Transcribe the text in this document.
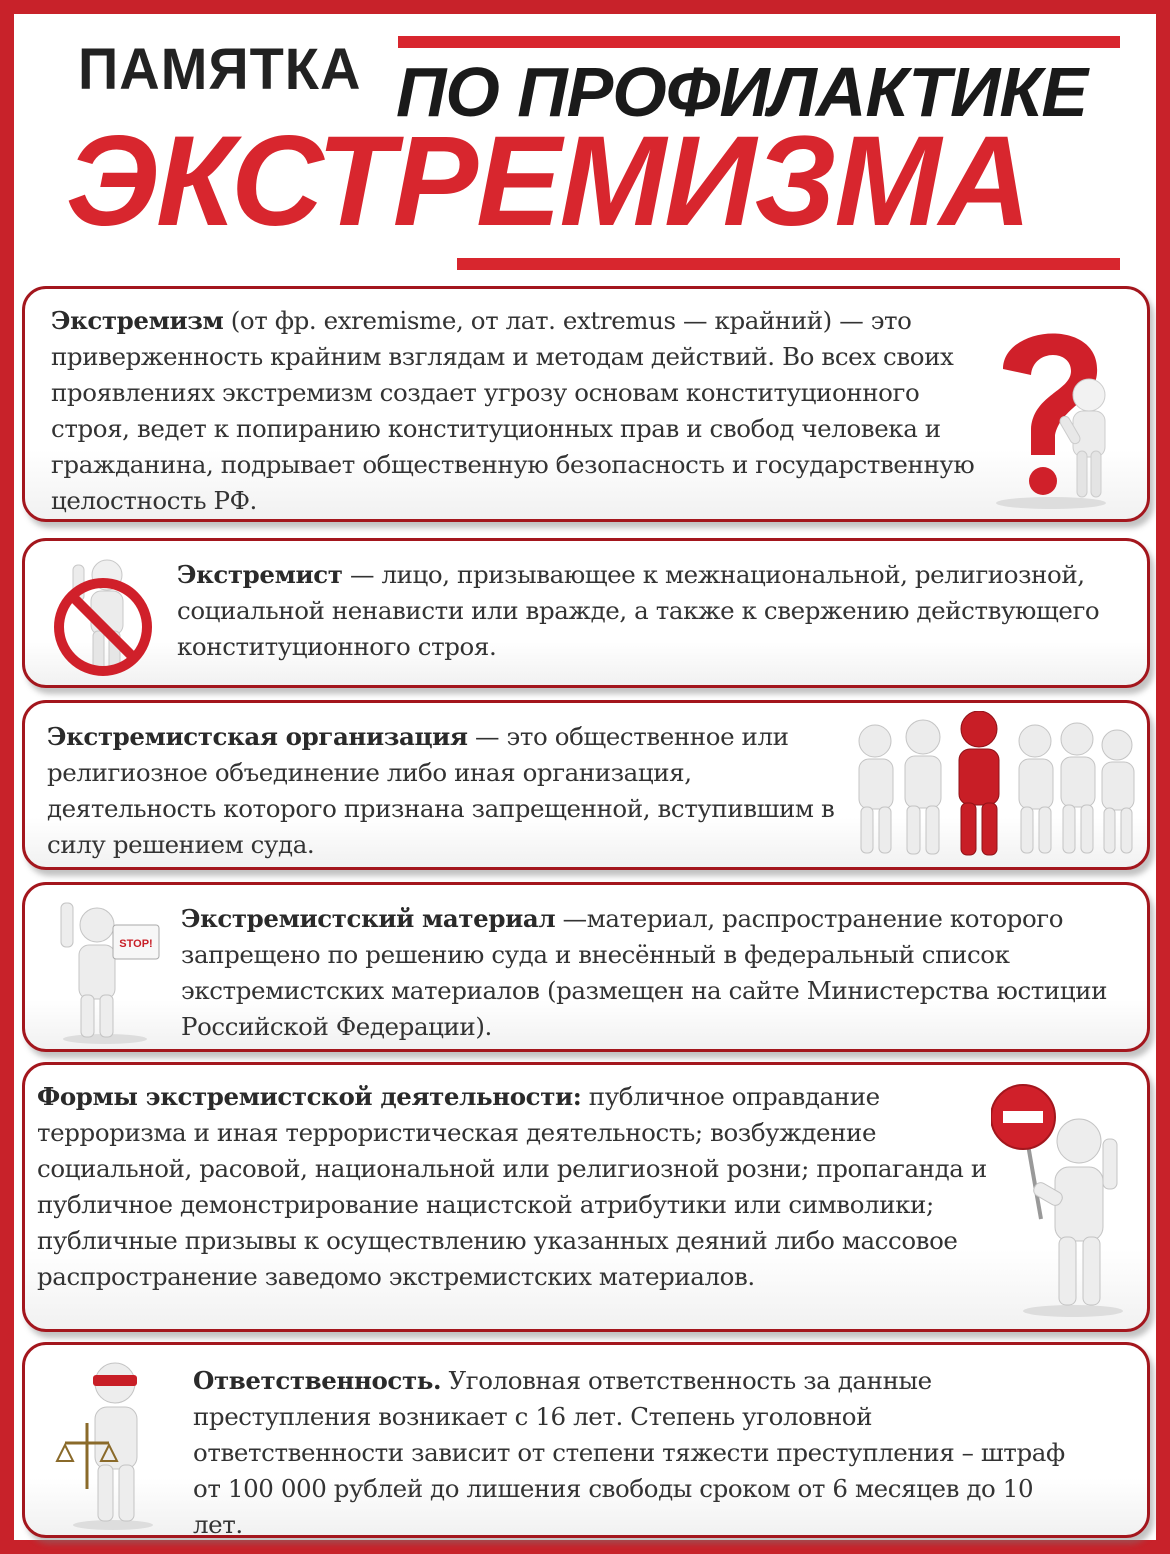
ПАМЯТКА ПО ПРОФИЛАКТИКЕ
ЭКСТРЕМИЗМА
Экстремизм (от фр. exremisme, от лат. extremus — крайний) — это приверженность крайним взглядам и методам действий. Во всех своих проявлениях экстремизм создает угрозу основам конституционного строя, ведет к попиранию конституционных прав и свобод человека и гражданина, подрывает общественную безопасность и государственную целостность РФ.
Экстремист — лицо, призывающее к межнациональной, религиозной, социальной ненависти или вражде, а также к свержению действующего конституционного строя.
Экстремистская организация — это общественное или религиозное объединение либо иная организация, деятельность которого признана запрещенной, вступившим в силу решением суда.
STOP!
Экстремистский материал —материал, распространение которого запрещено по решению суда и внесённый в федеральный список экстремистских материалов (размещен на сайте Министерства юстиции Российской Федерации).
Формы экстремистской деятельности: публичное оправдание терроризма и иная террористическая деятельность; возбуждение социальной, расовой, национальной или религиозной розни; пропаганда и публичное демонстрирование нацистской атрибутики или символики; публичные призывы к осуществлению указанных деяний либо массовое распространение заведомо экстремистских материалов.
Ответственность. Уголовная ответственность за данные преступления возникает с 16 лет. Степень уголовной ответственности зависит от степени тяжести преступления – штраф от 100 000 рублей до лишения свободы сроком от 6 месяцев до 10 лет.
